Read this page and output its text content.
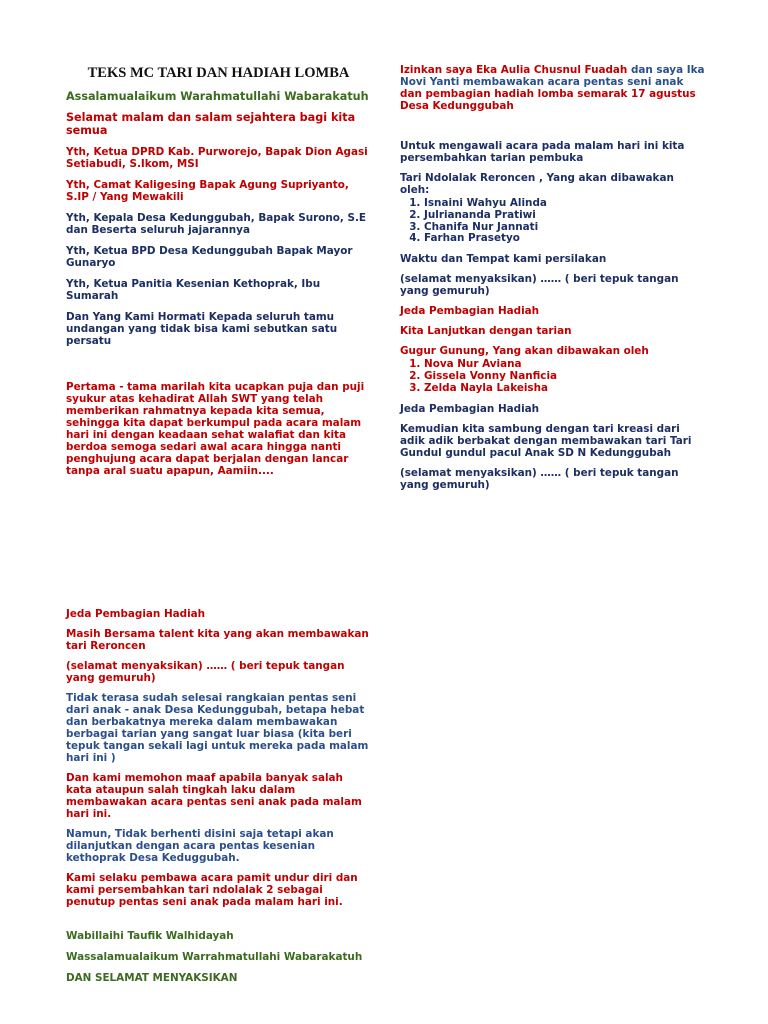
TEKS MC TARI DAN HADIAH LOMBA

Assalamualaikum Warahmatullahi Wabarakatuh

Selamat malam dan salam sejahtera bagi kita semua

Yth, Ketua DPRD Kab. Purworejo, Bapak Dion Agasi Setiabudi, S.Ikom, MSI

Yth, Camat Kaligesing Bapak Agung Supriyanto, S.IP / Yang Mewakili

Yth, Kepala Desa Kedunggubah, Bapak Surono, S.E dan Beserta seluruh jajarannya

Yth, Ketua BPD Desa Kedunggubah Bapak Mayor Gunaryo

Yth, Ketua Panitia Kesenian Kethoprak, Ibu Sumarah

Dan Yang Kami Hormati Kepada seluruh tamu undangan yang tidak bisa kami sebutkan satu persatu

Pertama - tama marilah kita ucapkan puja dan puji syukur atas kehadirat Allah SWT yang telah memberikan rahmatnya kepada kita semua, sehingga kita dapat berkumpul pada acara malam hari ini dengan keadaan sehat walafiat dan kita berdoa semoga sedari awal acara hingga nanti penghujung acara dapat berjalan dengan lancar tanpa aral suatu apapun, Aamiin....

Jeda Pembagian Hadiah

Masih Bersama talent kita yang akan membawakan tari Reroncen

(selamat menyaksikan) …… ( beri tepuk tangan yang gemuruh)

Tidak terasa sudah selesai rangkaian pentas seni dari anak - anak Desa Kedunggubah, betapa hebat dan berbakatnya mereka dalam membawakan berbagai tarian yang sangat luar biasa (kita beri tepuk tangan sekali lagi untuk mereka pada malam hari ini )

Dan kami memohon maaf apabila banyak salah kata ataupun salah tingkah laku dalam membawakan acara pentas seni anak pada malam hari ini.

Namun, Tidak berhenti disini saja tetapi akan dilanjutkan dengan acara pentas kesenian kethoprak Desa Keduggubah.

Kami selaku pembawa acara pamit undur diri dan kami persembahkan tari ndolalak 2 sebagai penutup pentas seni anak pada malam hari ini.

Wabillaihi Taufik Walhidayah

Wassalamualaikum Warrahmatullahi Wabarakatuh

DAN SELAMAT MENYAKSIKAN

Izinkan saya Eka Aulia Chusnul Fuadah dan saya Ika Novi Yanti membawakan acara pentas seni anak dan pembagian hadiah lomba semarak 17 agustus Desa Kedunggubah

Untuk mengawali acara pada malam hari ini kita persembahkan tarian pembuka

Tari Ndolalak Reroncen , Yang akan dibawakan oleh:

1. Isnaini Wahyu Alinda
2. Julriananda Pratiwi
3. Chanifa Nur Jannati
4. Farhan Prasetyo

Waktu dan Tempat kami persilakan

(selamat menyaksikan) …… ( beri tepuk tangan yang gemuruh)

Jeda Pembagian Hadiah

Kita Lanjutkan dengan tarian

Gugur Gunung, Yang akan dibawakan oleh

1. Nova Nur Aviana
2. Gissela Vonny Nanficia
3. Zelda Nayla Lakeisha

Jeda Pembagian Hadiah

Kemudian kita sambung dengan tari kreasi dari adik adik berbakat dengan membawakan tari Tari Gundul gundul pacul Anak SD N Kedunggubah

(selamat menyaksikan) …… ( beri tepuk tangan yang gemuruh)
